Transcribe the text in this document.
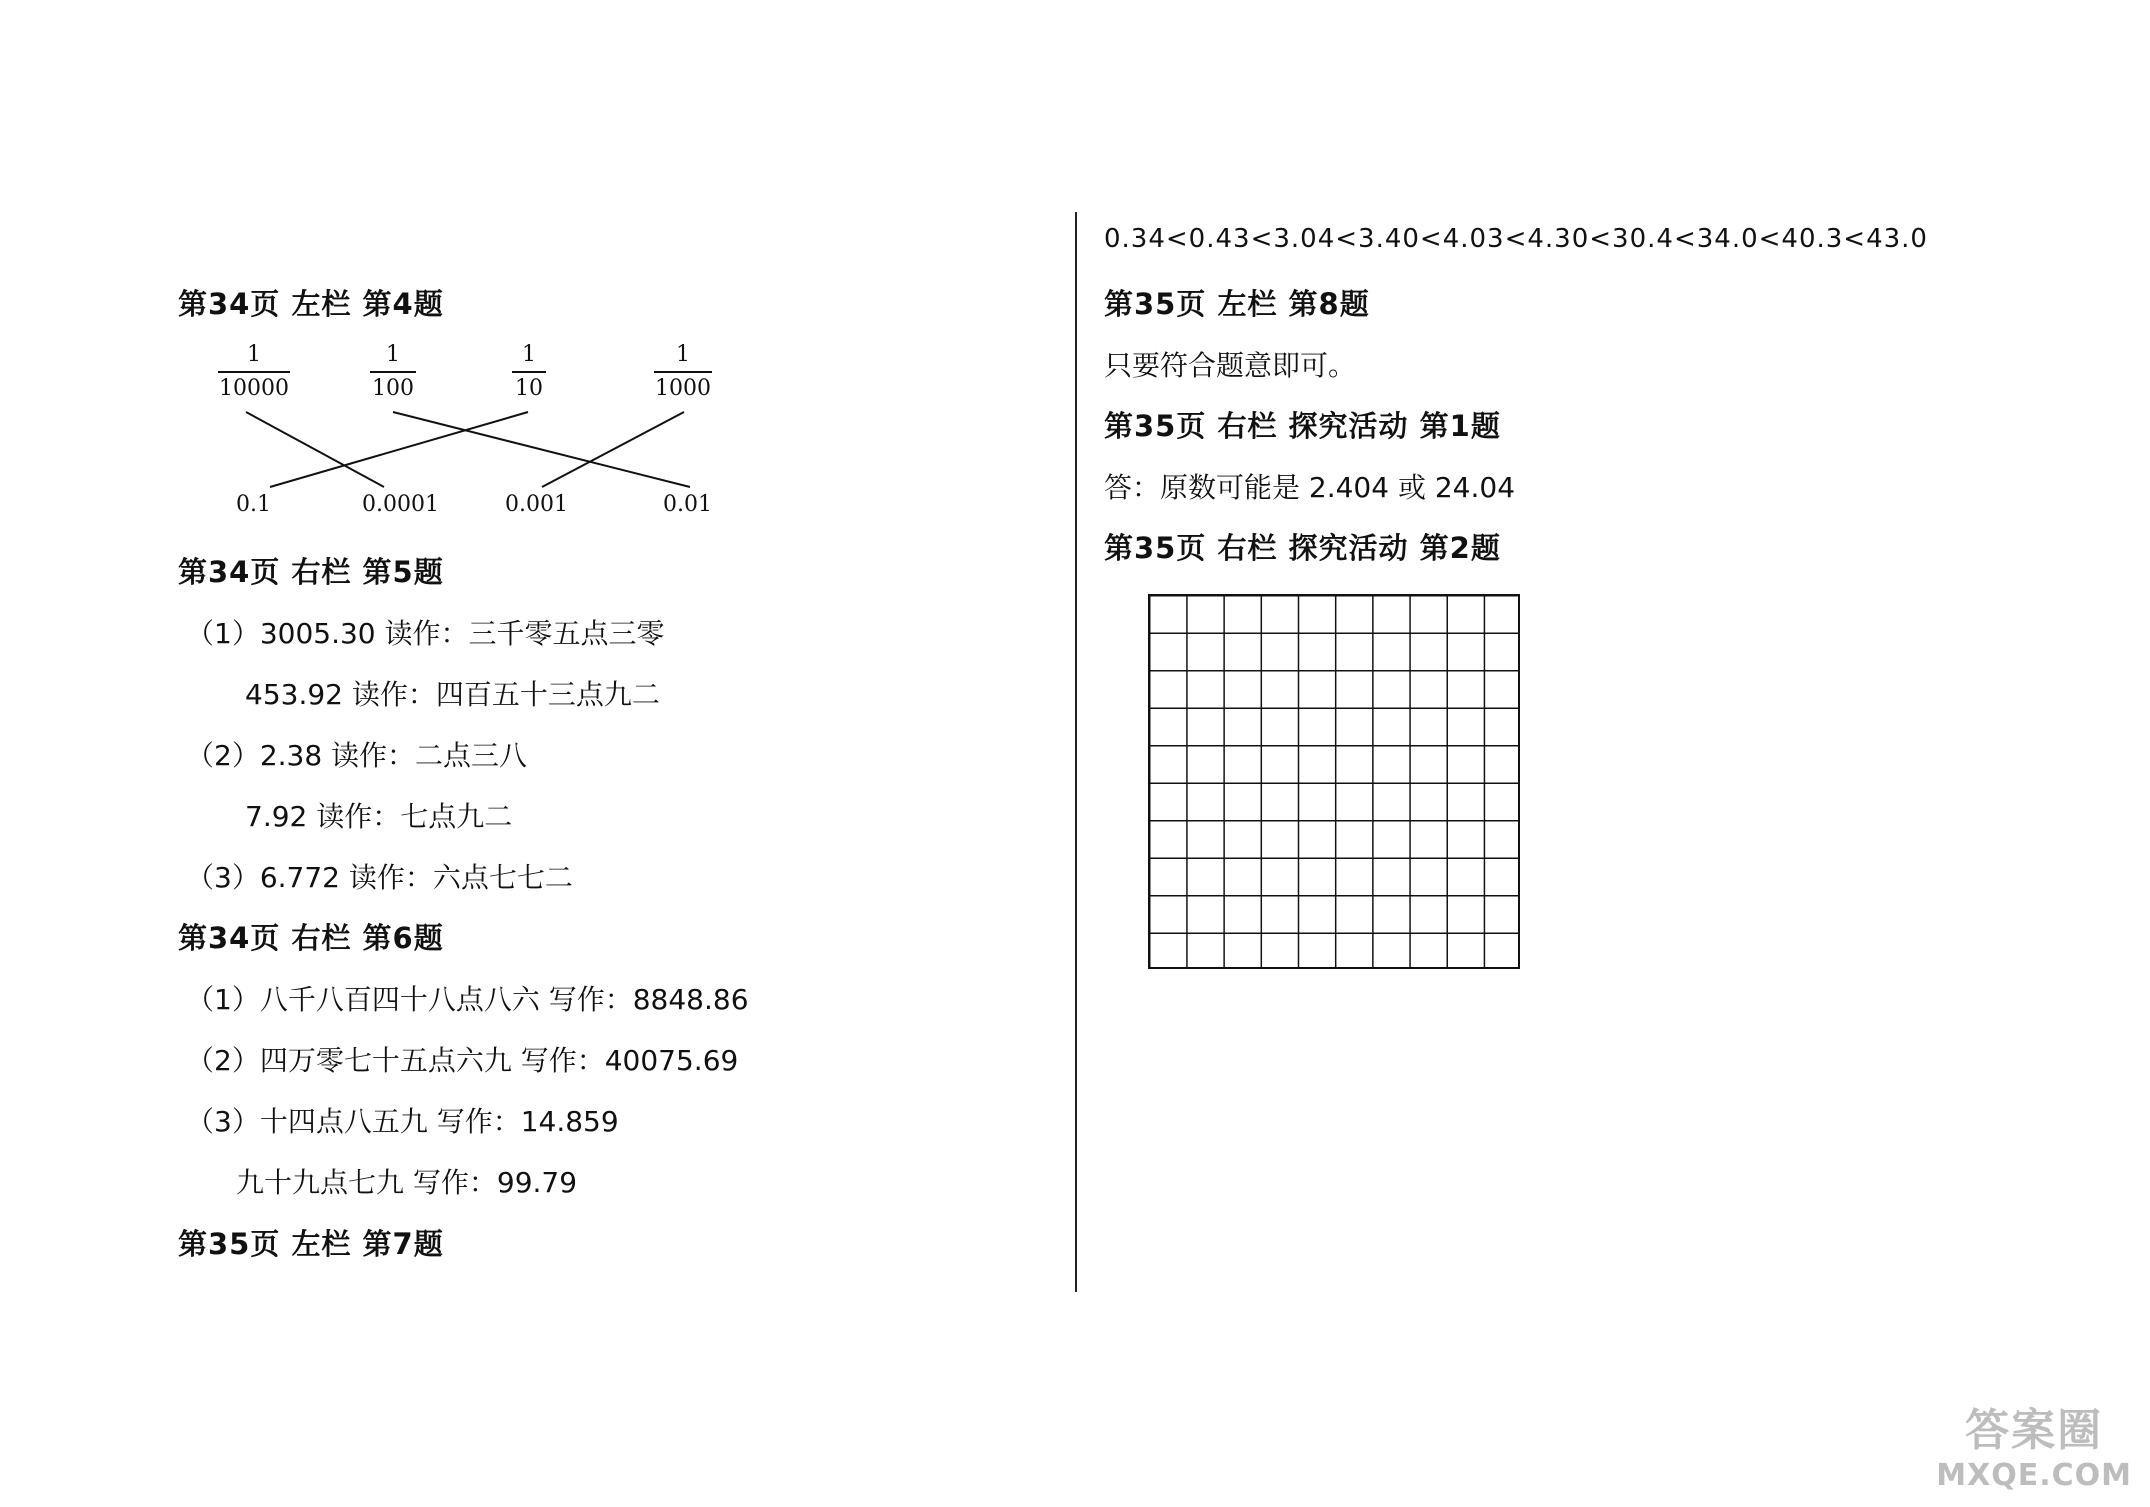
第34页 左栏 第4题
1
10000
1
100
1
10
1
1000
0.1	0.0001	0.001	0.01
第34页 右栏 第5题
（1）3005.30 读作：三千零五点三零
453.92 读作：四百五十三点九二
（2）2.38 读作：二点三八
7.92 读作：七点九二
（3）6.772 读作：六点七七二
第34页 右栏 第6题
（1）八千八百四十八点八六 写作：8848.86
（2）四万零七十五点六九 写作：40075.69
（3）十四点八五九 写作：14.859
九十九点七九 写作：99.79
第35页 左栏 第7题
0.34<0.43<3.04<3.40<4.03<4.30<30.4<34.0<40.3<43.0
第35页 左栏 第8题
只要符合题意即可。
第35页 右栏 探究活动 第1题
答：原数可能是 2.404 或 24.04
第35页 右栏 探究活动 第2题
答案圈
MXQE.COM
